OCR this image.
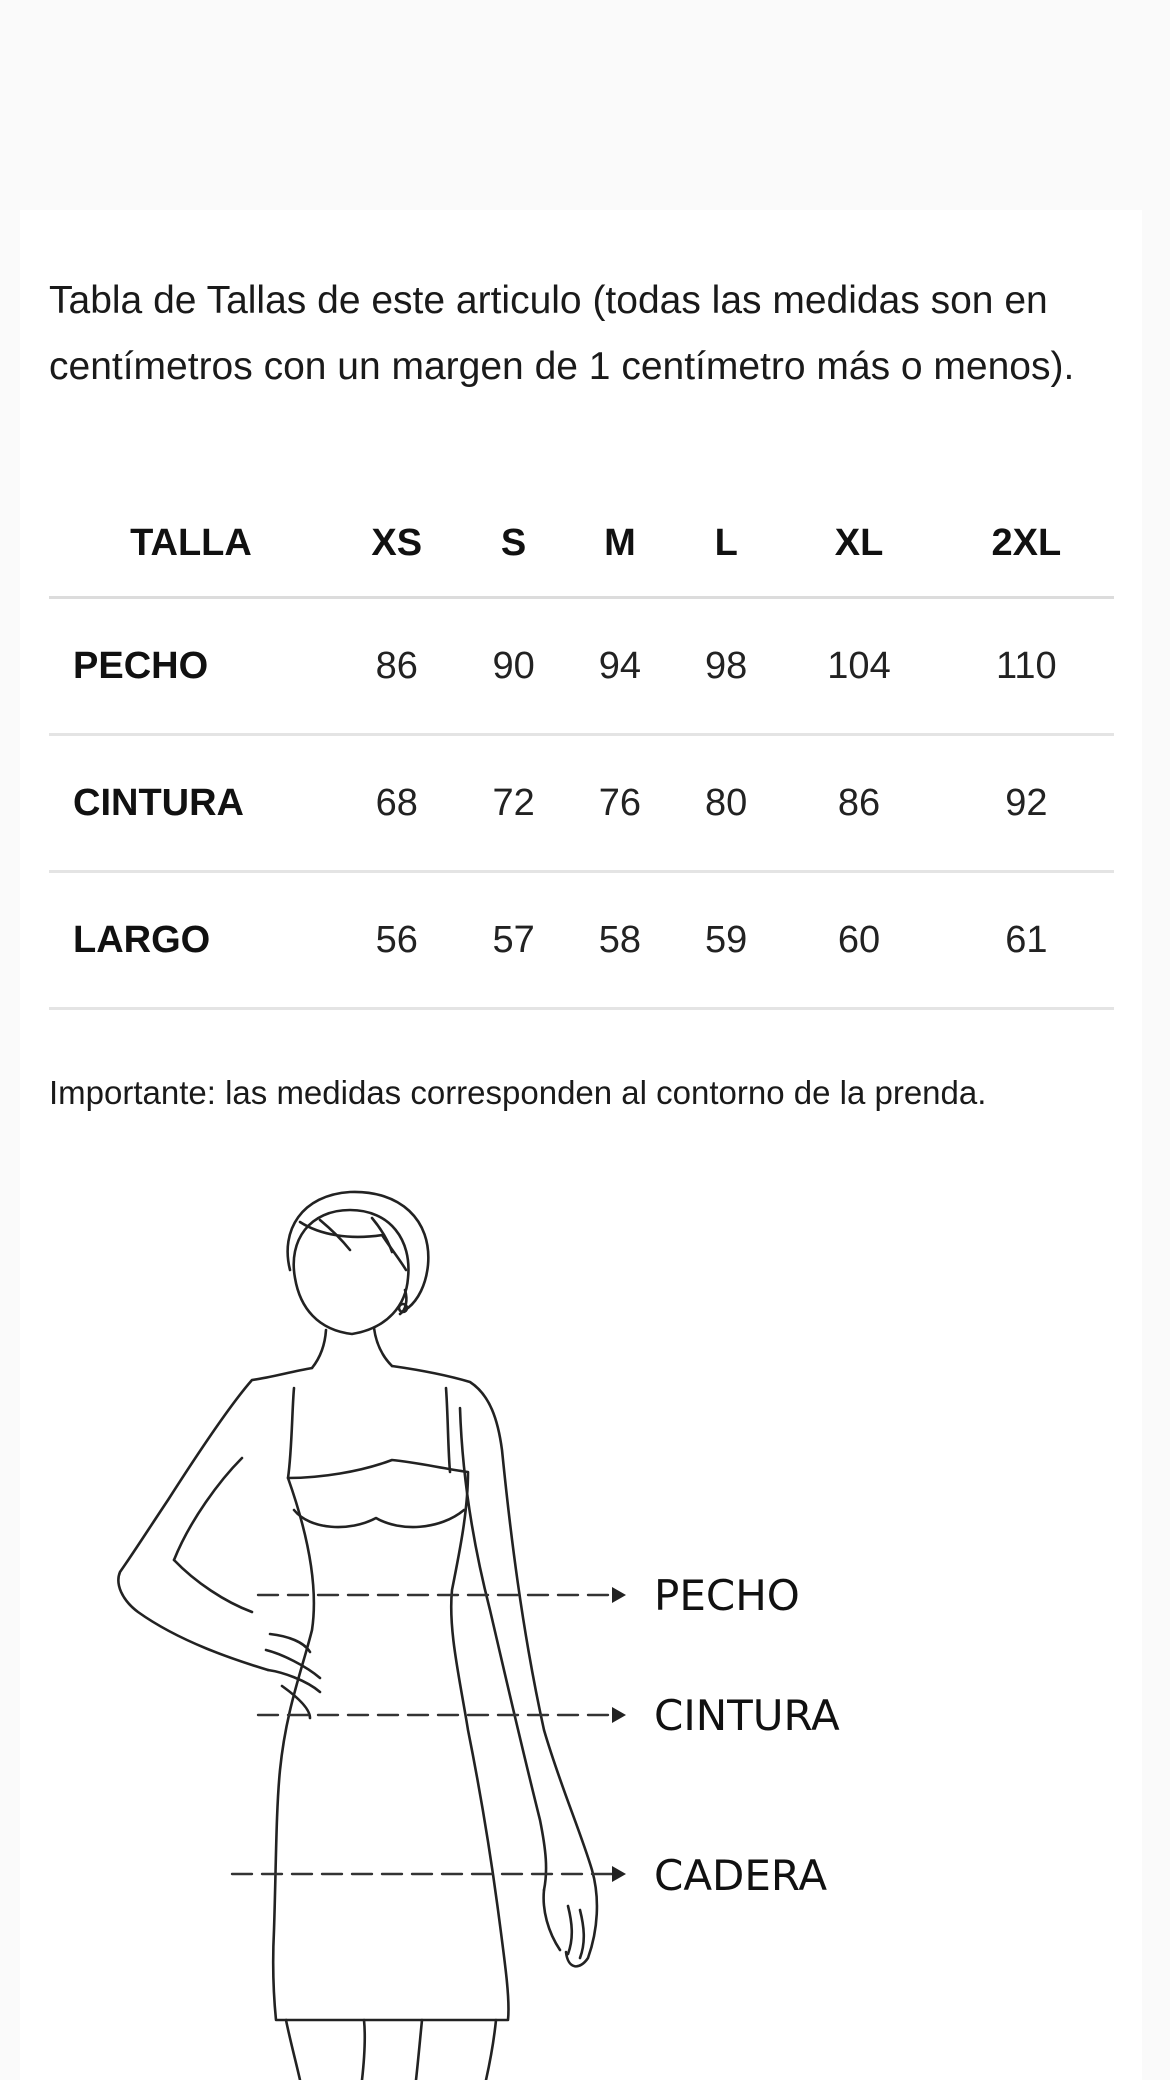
Tabla de Tallas de este articulo (todas las medidas son en centímetros con un margen de 1 centímetro más o menos).

TALLA	XS	S	M	L	XL	2XL
PECHO	86	90	94	98	104	110
CINTURA	68	72	76	80	86	92
LARGO	56	57	58	59	60	61

Importante: las medidas corresponden al contorno de la prenda.

PECHO
CINTURA
CADERA
